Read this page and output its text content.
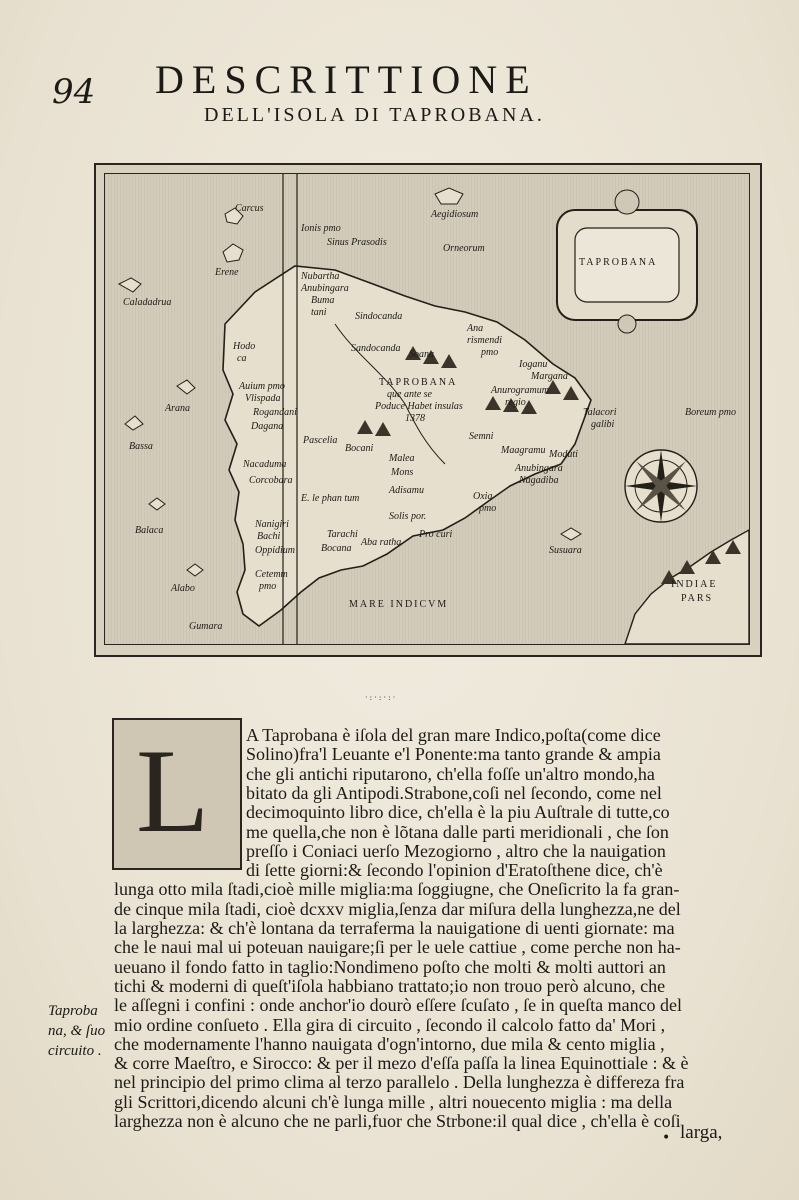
94 DESCRITTIONE
DELL'ISOLA DI TAPROBANA.
Carcus
Ionis pmo
Sinus Prasodis
Aegidiosum
Orneorum
Erene
Caladadrua
Nubartha
Anubingara
Buma
tani	Sindocanda
Sandocanda
Soana
Ana
rismendi
pmo
Hodo
ca
Ioganu
Margana
Anurogramum
regio
TAPROBANA
que ante se
Poduce Habet insulas
1378
Auium pmo
Vlispada
Rogandani
Dagana
Arana	Talacori
galibi
Boreum pmo
Bassa
Pascelia
Bocani
Semni
Maagramu Moduti
Anubingara
Nagadiba
Nacaduma
Corcobara
Malea
Mons
Adisamu
E. le phan tum	Oxia
pmo
Balaca
Nanigiri
Bachi
Oppidium
Solis por.
Tarachi
Bocana
Aba ratha
Pro curi
Susuara
Alabo
Cetemm
pmo	INDIAE
PARS
Gumara
MARE INDICVM
TAPROBANA
·:·:·:·
L A Taprobana è iſola del gran mare Indico,poſta(come dice
Solino)fra'l Leuante e'l Ponente:ma tanto grande & ampia
che gli antichi riputarono, ch'ella foſſe un'altro mondo,ha
bitato da gli Antipodi.Strabone,coſi nel ſecondo, come nel
decimoquinto libro dice, ch'ella è la piu Auſtrale di tutte,co
me quella,che non è lõtana dalle parti meridionali , che ſon
preſſo i Coniaci uerſo Mezogiorno , altro che la nauigation
di ſette giorni:& ſecondo l'opinion d'Eratoſthene dice, ch'è
lunga otto mila ſtadi,cioè mille miglia:ma ſoggiugne, che Oneſicrito la fa gran-
de cinque mila ſtadi, cioè dcxxv miglia,ſenza dar miſura della lunghezza,ne del
la larghezza: & ch'è lontana da terraferma la nauigatione di uenti giornate: ma
che le naui mal ui poteuan nauigare;ſi per le uele cattiue , come perche non ha-
ueuano il fondo fatto in taglio:Nondimeno poſto che molti & molti auttori an
tichi & moderni di queſt'iſola habbiano trattato;io non trouo però alcuno, che
le aſſegni i confini : onde anchor'io dourò eſſere ſcuſato , ſe in queſta manco del
mio ordine conſueto . Ella gira di circuito , ſecondo il calcolo fatto da' Mori ,
che modernamente l'hanno nauigata d'ogn'intorno, due mila & cento miglia ,
& corre Maeſtro, e Sirocco: & per il mezo d'eſſa paſſa la linea Equinottiale : & è
nel principio del primo clima al terzo parallelo . Della lunghezza è differeza fra
gli Scrittori,dicendo alcuni ch'è lunga mille , altri nouecento miglia : ma della
larghezza non è alcuno che ne parli,fuor che Strbone:il qual dice , ch'ella è coſi
Taproba
na, & ſuo
circuito .
• larga,
